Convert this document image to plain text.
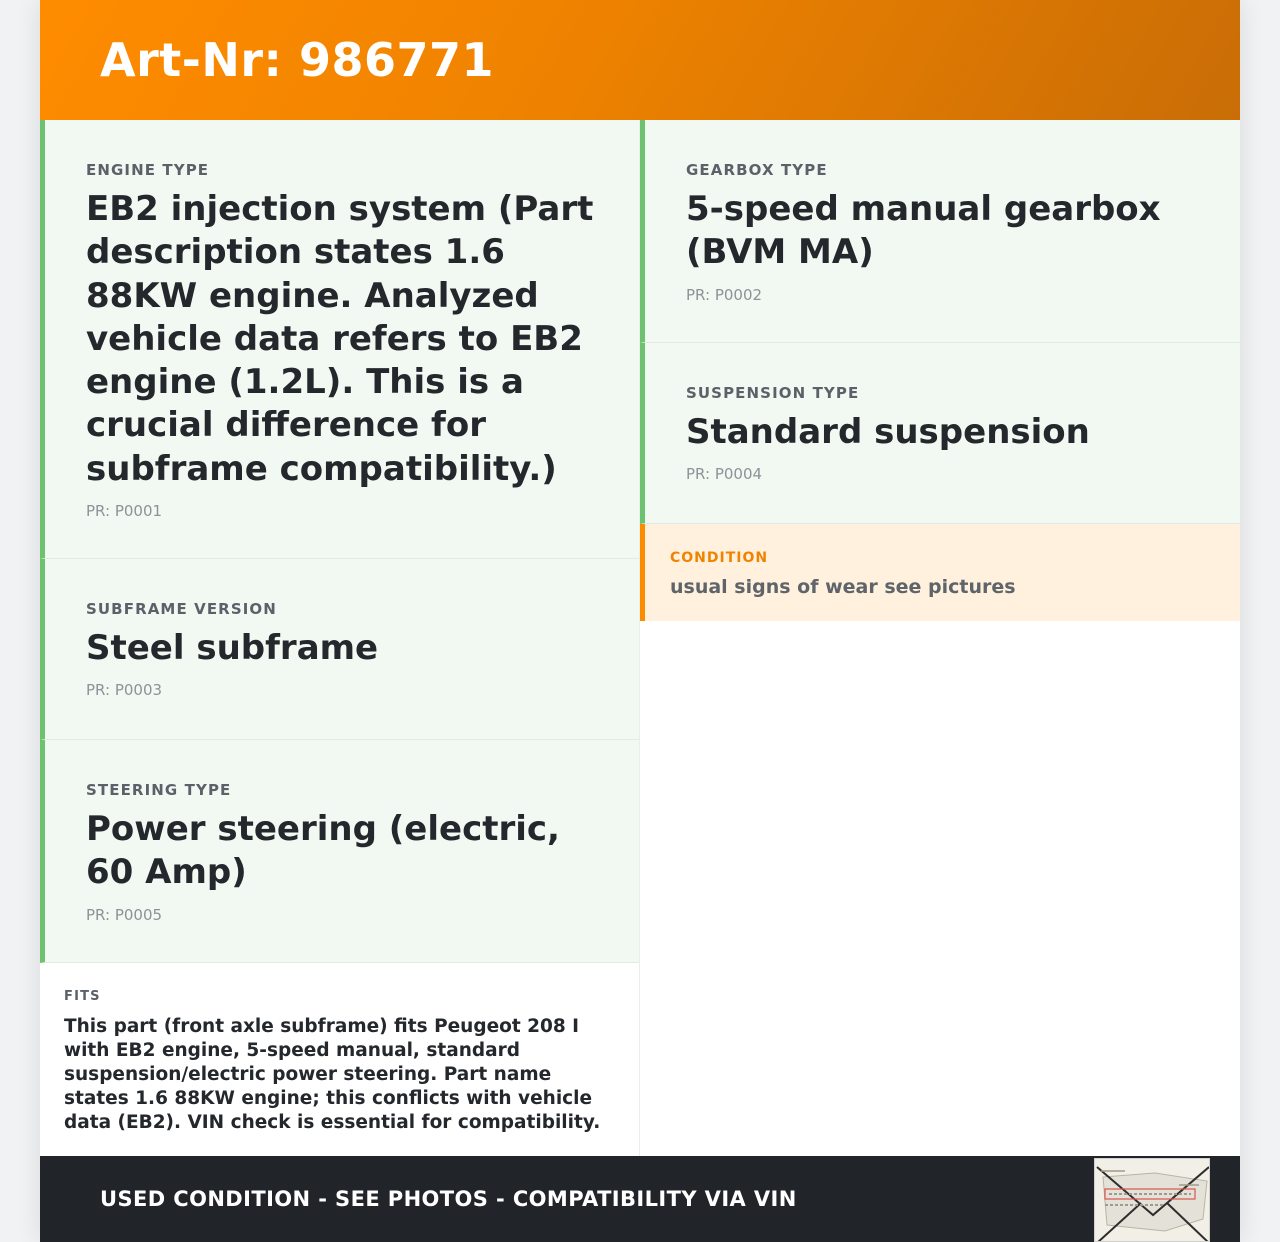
Art-Nr: 986771
ENGINE TYPE
EB2 injection system (Part description states 1.6 88KW engine. Analyzed vehicle data refers to EB2 engine (1.2L). This is a crucial difference for subframe compatibility.)
PR: P0001
SUBFRAME VERSION
Steel subframe
PR: P0003
STEERING TYPE
Power steering (electric, 60 Amp)
PR: P0005
FITS
This part (front axle subframe) fits Peugeot 208 I with EB2 engine, 5-speed manual, standard suspension/electric power steering. Part name states 1.6 88KW engine; this conflicts with vehicle data (EB2). VIN check is essential for compatibility.
GEARBOX TYPE
5-speed manual gearbox (BVM MA)
PR: P0002
SUSPENSION TYPE
Standard suspension
PR: P0004
CONDITION
usual signs of wear see pictures
USED CONDITION - SEE PHOTOS - COMPATIBILITY VIA VIN
